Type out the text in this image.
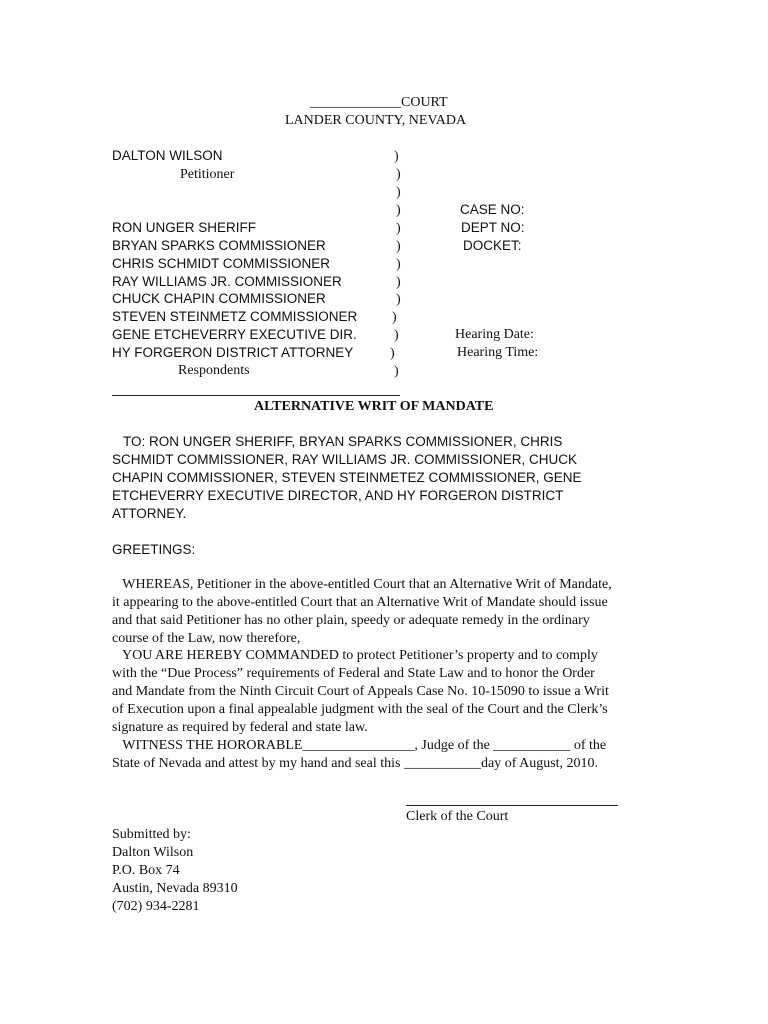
_____________COURT
LANDER COUNTY, NEVADA
DALTON WILSON
Petitioner
RON UNGER SHERIFF
BRYAN SPARKS COMMISSIONER
CHRIS SCHMIDT COMMISSIONER
RAY WILLIAMS JR. COMMISSIONER
CHUCK CHAPIN COMMISSIONER
STEVEN STEINMETZ COMMISSIONER
GENE ETCHEVERRY EXECUTIVE DIR.
HY FORGERON DISTRICT ATTORNEY
Respondents
)
)
)
)
)
)
)
)
)
)
)
)
)
CASE NO:
DEPT NO:
DOCKET:
Hearing Date:
Hearing Time:
ALTERNATIVE WRIT OF MANDATE
TO: RON UNGER SHERIFF, BRYAN SPARKS COMMISSIONER, CHRIS
SCHMIDT COMMISSIONER, RAY WILLIAMS JR. COMMISSIONER, CHUCK
CHAPIN COMMISSIONER, STEVEN STEINMETEZ COMMISSIONER, GENE
ETCHEVERRY EXECUTIVE DIRECTOR, AND HY FORGERON DISTRICT
ATTORNEY.
GREETINGS:
WHEREAS, Petitioner in the above-entitled Court that an Alternative Writ of Mandate,
it appearing to the above-entitled Court that an Alternative Writ of Mandate should issue
and that said Petitioner has no other plain, speedy or adequate remedy in the ordinary
course of the Law, now therefore,
YOU ARE HEREBY COMMANDED to protect Petitioner’s property and to comply
with the “Due Process” requirements of Federal and State Law and to honor the Order
and Mandate from the Ninth Circuit Court of Appeals Case No. 10-15090 to issue a Writ
of Execution upon a final appealable judgment with the seal of the Court and the Clerk’s
signature as required by federal and state law.
WITNESS THE HORORABLE________________, Judge of the ___________ of the
State of Nevada and attest by my hand and seal this ___________day of August, 2010.
Clerk of the Court
Submitted by:
Dalton Wilson
P.O. Box 74
Austin, Nevada 89310
(702) 934-2281
